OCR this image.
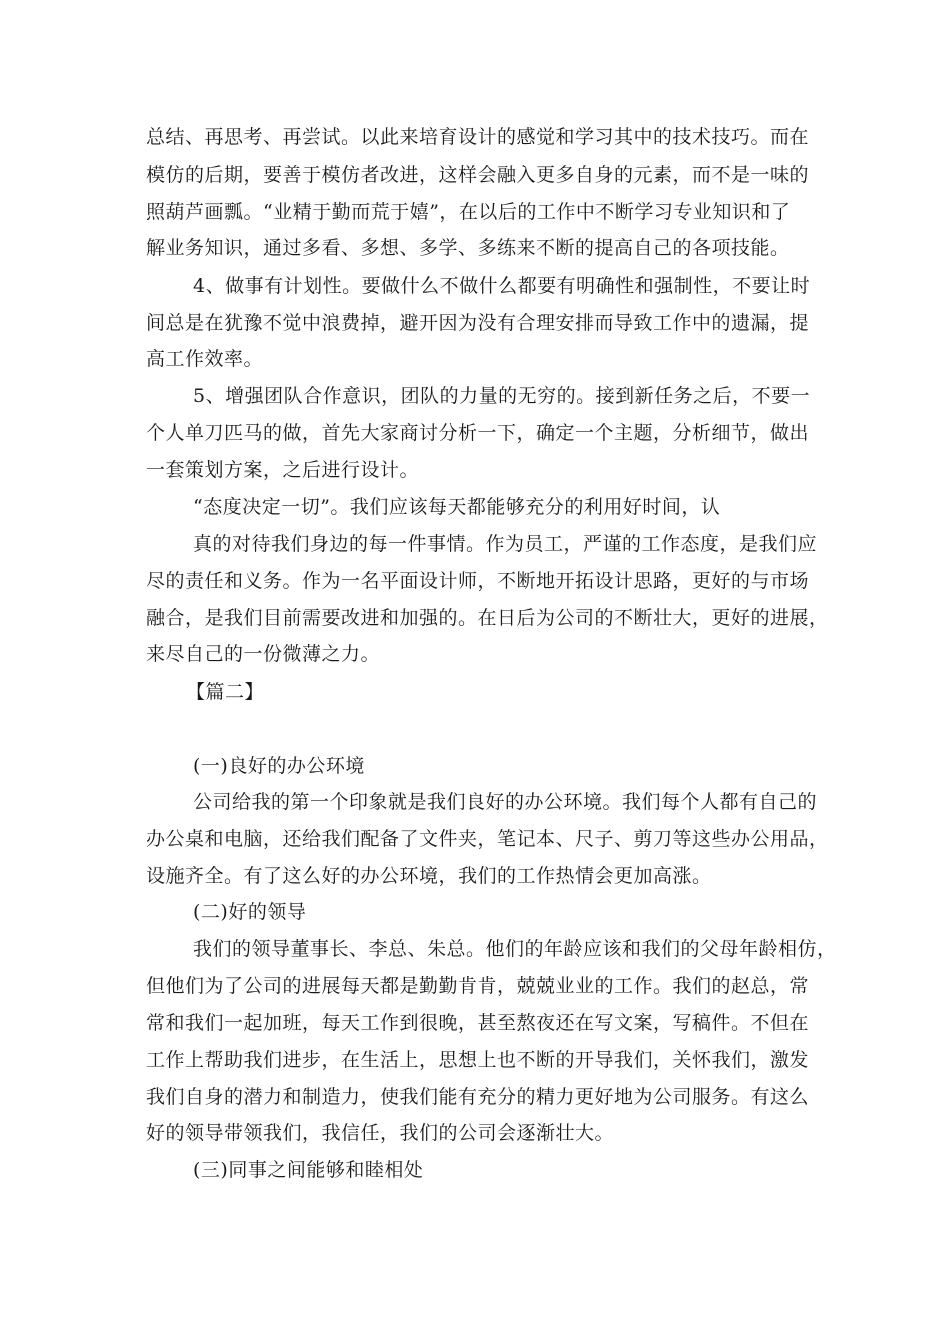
总结、再思考、再尝试。以此来培育设计的感觉和学习其中的技术技巧。而在
模仿的后期，要善于模仿者改进，这样会融入更多自身的元素，而不是一味的
照葫芦画瓢。“业精于勤而荒于嬉”，在以后的工作中不断学习专业知识和了
解业务知识，通过多看、多想、多学、多练来不断的提高自己的各项技能。
4、做事有计划性。要做什么不做什么都要有明确性和强制性，不要让时
间总是在犹豫不觉中浪费掉，避开因为没有合理安排而导致工作中的遗漏，提
高工作效率。
5、增强团队合作意识，团队的力量的无穷的。接到新任务之后，不要一
个人单刀匹马的做，首先大家商讨分析一下，确定一个主题，分析细节，做出
一套策划方案，之后进行设计。
“态度决定一切”。我们应该每天都能够充分的利用好时间，认
真的对待我们身边的每一件事情。作为员工，严谨的工作态度，是我们应
尽的责任和义务。作为一名平面设计师，不断地开拓设计思路，更好的与市场
融合，是我们目前需要改进和加强的。在日后为公司的不断壮大，更好的进展，
来尽自己的一份微薄之力。
【篇二】
(一)良好的办公环境
公司给我的第一个印象就是我们良好的办公环境。我们每个人都有自己的
办公桌和电脑，还给我们配备了文件夹，笔记本、尺子、剪刀等这些办公用品，
设施齐全。有了这么好的办公环境，我们的工作热情会更加高涨。
(二)好的领导
我们的领导董事长、李总、朱总。他们的年龄应该和我们的父母年龄相仿，
但他们为了公司的进展每天都是勤勤肯肯，兢兢业业的工作。我们的赵总，常
常和我们一起加班，每天工作到很晚，甚至熬夜还在写文案，写稿件。不但在
工作上帮助我们进步，在生活上，思想上也不断的开导我们，关怀我们，激发
我们自身的潜力和制造力，使我们能有充分的精力更好地为公司服务。有这么
好的领导带领我们，我信任，我们的公司会逐渐壮大。
(三)同事之间能够和睦相处
